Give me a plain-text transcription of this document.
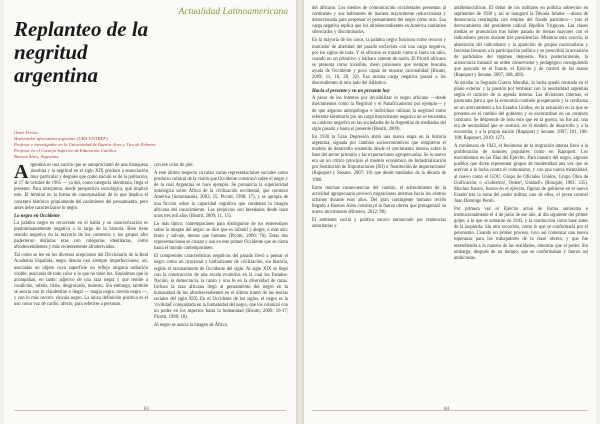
Actualidad Latinoamericana
Replanteo de la negritud argentina
Omer Freixa
Historiador africanista argentino (UBA-UNTREF)
Profesor e investigador en la Universidad de Buenos Aires y Tres de Febrero.
Profesor en el Consejo Superior de Educación Católica
Buenos Aires, Argentina

Argentina es una nación que se autoproclamó de una blanqueza absoluta y la negritud en el siglo XIX produce a enunciación muy particular y después que como nación es de la población, al 17 de octubre de 1965 — ya del, como categoría identitaria, llega el presente. Para interpretar, desde perspectiva sociológica, qué implicó este. El término en la forma de conceptualizar de lo que implica el concepto histórico propiamente del nacimiento del pensamiento, pero antes debe caracterizarse lo negro.

Lo negro en Occidente

La palabra negro es recurrente en el habla y su caracterización es predominantemente negativa a lo largo de la historia. Bien tiene sentido negativo en la mayoría de los contextos y los grupos afro padecieron distintas eras con categorías identitarias, como afrodescendientes y más recientemente afroderivados.

Tal como se lee en los diversos acepciones del Diccionario de la Real Academia Española, negro denota casi siempre imperfecciones; así, asociadas un objeto cuya superficie no refleja ninguna radiación visible, asociarás de todo color o lo que no tiene luz. Sinónimos que lo acompañan, en tanto: adjetivo de una raza negra y que remite a condición, infeliz, triste, desgraciado, molesto. Sin embargo, también se asocia con lo clandestino o ilegal — magia negra, novela negra —, y con lo más oscuro: vincula negro. La única definición positiva es el uso como voz de cariño, afecto, para referirse a personas.

con ese color de piel.

A este último respecto circulan varias representaciones sociales como producto cultural de la visión que Occidente construyó sobre el negro y de la cual Argentina se hace ejemplo. Se pronuncia la superioridad ontológica sobre África de la civilización occidental, que colonizó América (Solomianski, 2003; 25; Picotti, 1998; 17), y se apropia de una ficción sobre la capacidad cognitiva que condenan la imagen africana del conocimiento. Los prejuicios son heredados desde hace unos tres mil años (Bisutti, 2009; 11, 15).

Lo más típico: contemporáneo para distinguirse de los estereotipos sobre la imagen del negro: se dice que es infantil y alegre, o más aún: bruto y salvaje, menos que humano (Picotti, 2000; 76). Estas dos representaciones se cruzan y son en este primer Occidente que se cierra hasta el mundo contemporáneo.

El comprender características negativas del pasado llevó a pensar el negro como un irracional y barbarizante de civilización, sin historia, regido el razonamiento de Occidente del siglo. Al siglo XIX se llegó con la construcción de una escala evolutiva en la cual los Estados-Nación, la democracia, la razón y una fe en la diversidad de razas. Incluso la raza africana llegó al pensamiento del negro en la humanidad de los afrodescendientes en el último tramo de las teorías raciales del siglo XIX. En el Occidente de los siglos, el negro es la 'civilidad' conquistada en la humanidad del negro, que los colonizó con un poder en los aspectos hasta la humanidad (Bisutti, 2009: 16-17; Picotti, 1998; 18).

Al negro se asocia la imagen de África.

83

del africano. Los medios de comunicación occidentales presentan al continente y sus habitantes de manera mayormente reduccionista y distorsionada para perpetuar el pensamiento del negro como otro. Esa carga negativa replica que los afrodescendientes en América continúen silenciados y discriminados.

En la mayoría de los casos, la palabra negro funciona como recurso y marcador de alteridad del pasado esclavista con una carga negativa, por los siglos de trata. Y el africano es tratado como si fuera un niño, cuando no un primitivo y bárbaro carente de razón. El Picotti africano se presenta como invisible, mero prisionero que siempre buscaba ayuda de Occidente y poco capaz de mostrar racionalidad (Bisutti, 2009; 11, 18, 20, 32). Esa misma carga negativa pasará a los descendientes al otro lado del Atlántico.

Hacia el presente y en un presente hoy

A pesar de los intentos por invisibilizar lo negro africano —desde movimientos como la Negritud y el Panafricanismo por ejemplo— y de que algunos antropólogos e individuos utilizan la negritud como referente identitario por un carga mayormente negativa no se encuentra su carácter negativo en las sociedades de la Argentina de mediados del siglo pasado y hasta el presente (Bisutti, 2009).

En 1930 la Gran Depresión abrió una nueva etapa en la historia argentina, signada por cambios socioeconómicos que rompieron el modelo de desarrollo sostenido desde el crecimiento interno sobre la base del sector primario y las exportaciones agropecuarias. Se lo nuevo era un un crítico principio el modelo económico de Industrialización por Sustitución de Importaciones (ISI) o 'Sustitución de importaciones' (Rapoport y Seoane, 2007; 19) que desde mediados de la década de 1960.

Entre muchas consecuencias del cambio, el advenimiento de la actividad agropecuaria provocó migraciones internas hacia los centros urbanos durante esos años. Del gran contingente humano recién llegado a Buenos Aires constituyó la fuerza obrera que protagonizó su nuevo movimiento (Rioseco, 2012; 98).

El ambiente social y político estuvo enmarcado por tendencias autoritarias y

antidemocráticas. El debut de los militares en política sobrevino en septiembre de 1930 y así se inauguró la Década Infame —ahora de democracia restringida con empleo del fraude patriótico— tras el derrocamiento del presidente radical Hipólito Yrigoyen. Las clases medias se pronuncian tras haber pasado de tiernas mayores con el radicalismo previo durante tres presidencias. Mientras esto ocurría, la abstención del radicalismo y la aparición de grupos nacionalistas y fascistas llevaron a la participación política y se prescribió la actuación de partidarios del régimen depuesto. Para posteriormente, la aristocracia instauró un orden conservador y pedagógico consiguiendo que apoyado en el fraude, el Ejército y de control de las masas (Rapoport y Seoane, 2007; 468, 469).

Al estallar la Segunda Guerra Mundial, la lucha quedó centrada en el plano exterior y la presión por terminar con la neutralidad argentina según el carácter de la agenda interna. Las divisiones internas, el panorama para a que la economía continúe prosperando y la confianza en un acercamiento a los Estados Unidos, en la actuación en la que se presenta en el cambio del gobierno y se encontraban en un contexto contrario. Se desprende de todo esto que en la guerra, no fue así, una era de neutralidad que se sostuvo, en el modelo de desarrollo y a la economía, y a la propia nación (Rapoport y Seoane, 2007; 101, 106-108; Rapoport, 2010; 127).

A comienzos de 1943, el fenómeno de la migración interna llevó a la proliferación de rumores populares como en Rapoport. Los movimientos en las filas del Ejército. Para nuestro del negro, algunos pueblos que dicen representar grupos de modernidad una vez que se acercan a la lucha contra el comunismo, y con una nueva mentalidad, al nuevo como el GOU: Grupo de Oficiales Unidos, Grupo Obra de Unificación, o «Gobierno!, Orden!, Unidad!» (Rouquié, 1981: 335). Muchos fueron, fueron en el ejército, figuras de gobierno en el nuevo Estado tras la toma del poder militar, uno de ellos, el joven coronel Juan Domingo Perón.

Por primera vez el Ejército actuó de forma autónoma e institucionalmente el 4 de junio de ese año, al día siguiente del primer golpe, a lo que se sumaron en 1943, y la conducción como base antes de la izquierda. Sin otro recorrido, como lo que se conformaría por el peronismo. Cuando un primer proceso, tuvo así comenzar una nueva esperanza para los trabajadores de la clase obrera, y que fue entendiendo a la manera de las realidades, mientras que el poder. Sin embargo, después de un tiempo, que se conformaban y fueron así ambiciosas.

84
